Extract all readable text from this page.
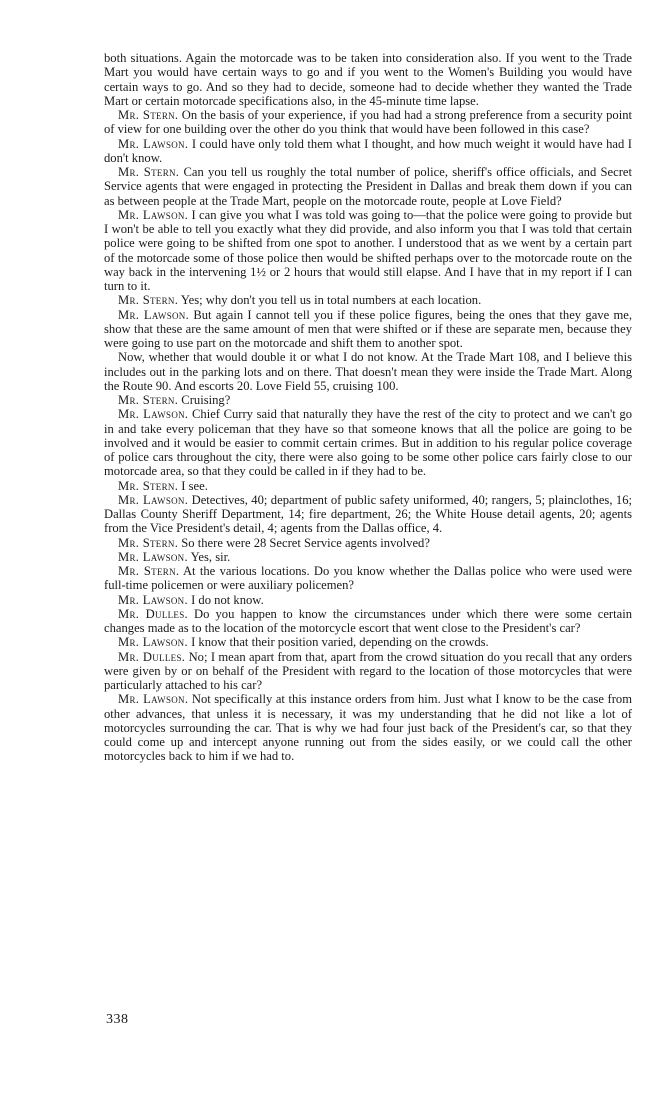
both situations. Again the motorcade was to be taken into consideration also. If you went to the Trade Mart you would have certain ways to go and if you went to the Women's Building you would have certain ways to go. And so they had to decide, someone had to decide whether they wanted the Trade Mart or certain motorcade specifications also, in the 45-minute time lapse.

Mr. Stern. On the basis of your experience, if you had had a strong preference from a security point of view for one building over the other do you think that would have been followed in this case?

Mr. Lawson. I could have only told them what I thought, and how much weight it would have had I don't know.

Mr. Stern. Can you tell us roughly the total number of police, sheriff's office officials, and Secret Service agents that were engaged in protecting the President in Dallas and break them down if you can as between people at the Trade Mart, people on the motorcade route, people at Love Field?

Mr. Lawson. I can give you what I was told was going to—that the police were going to provide but I won't be able to tell you exactly what they did provide, and also inform you that I was told that certain police were going to be shifted from one spot to another. I understood that as we went by a certain part of the motorcade some of those police then would be shifted perhaps over to the motorcade route on the way back in the intervening 1½ or 2 hours that would still elapse. And I have that in my report if I can turn to it.

Mr. Stern. Yes; why don't you tell us in total numbers at each location.

Mr. Lawson. But again I cannot tell you if these police figures, being the ones that they gave me, show that these are the same amount of men that were shifted or if these are separate men, because they were going to use part on the motorcade and shift them to another spot.

Now, whether that would double it or what I do not know. At the Trade Mart 108, and I believe this includes out in the parking lots and on there. That doesn't mean they were inside the Trade Mart. Along the Route 90. And escorts 20. Love Field 55, cruising 100.

Mr. Stern. Cruising?

Mr. Lawson. Chief Curry said that naturally they have the rest of the city to protect and we can't go in and take every policeman that they have so that someone knows that all the police are going to be involved and it would be easier to commit certain crimes. But in addition to his regular police coverage of police cars throughout the city, there were also going to be some other police cars fairly close to our motorcade area, so that they could be called in if they had to be.

Mr. Stern. I see.

Mr. Lawson. Detectives, 40; department of public safety uniformed, 40; rangers, 5; plainclothes, 16; Dallas County Sheriff Department, 14; fire department, 26; the White House detail agents, 20; agents from the Vice President's detail, 4; agents from the Dallas office, 4.

Mr. Stern. So there were 28 Secret Service agents involved?

Mr. Lawson. Yes, sir.

Mr. Stern. At the various locations. Do you know whether the Dallas police who were used were full-time policemen or were auxiliary policemen?

Mr. Lawson. I do not know.

Mr. Dulles. Do you happen to know the circumstances under which there were some certain changes made as to the location of the motorcycle escort that went close to the President's car?

Mr. Lawson. I know that their position varied, depending on the crowds.

Mr. Dulles. No; I mean apart from that, apart from the crowd situation do you recall that any orders were given by or on behalf of the President with regard to the location of those motorcycles that were particularly attached to his car?

Mr. Lawson. Not specifically at this instance orders from him. Just what I know to be the case from other advances, that unless it is necessary, it was my understanding that he did not like a lot of motorcycles surrounding the car. That is why we had four just back of the President's car, so that they could come up and intercept anyone running out from the sides easily, or we could call the other motorcycles back to him if we had to.

338
